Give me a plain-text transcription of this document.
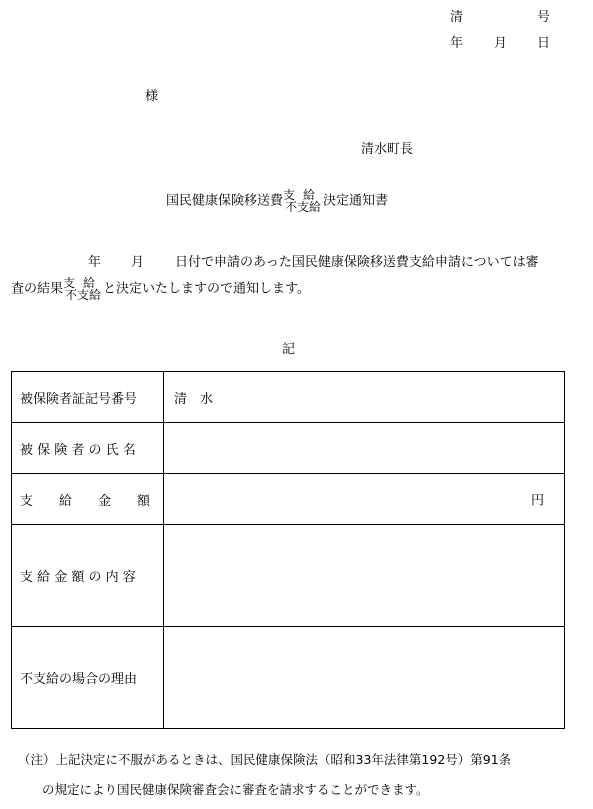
清	号
年 月 日
様
清水町長
国民健康保険移送費 支給
不支給 決定通知書
年 月 日付で申請のあった国民健康保険移送費支給申請については審
査の結果 支給
不支給 と決定いたしますので通知します。
記
被保険者証記号番号	清　水
被 保 険 者 の 氏 名	
支　　給　　金　　額	円

支 給 金 額 の 内 容	
不支給の場合の理由	
（注）上記決定に不服があるときは、国民健康保険法（昭和33年法律第192号）第91条
の規定により国民健康保険審査会に審査を請求することができます。
